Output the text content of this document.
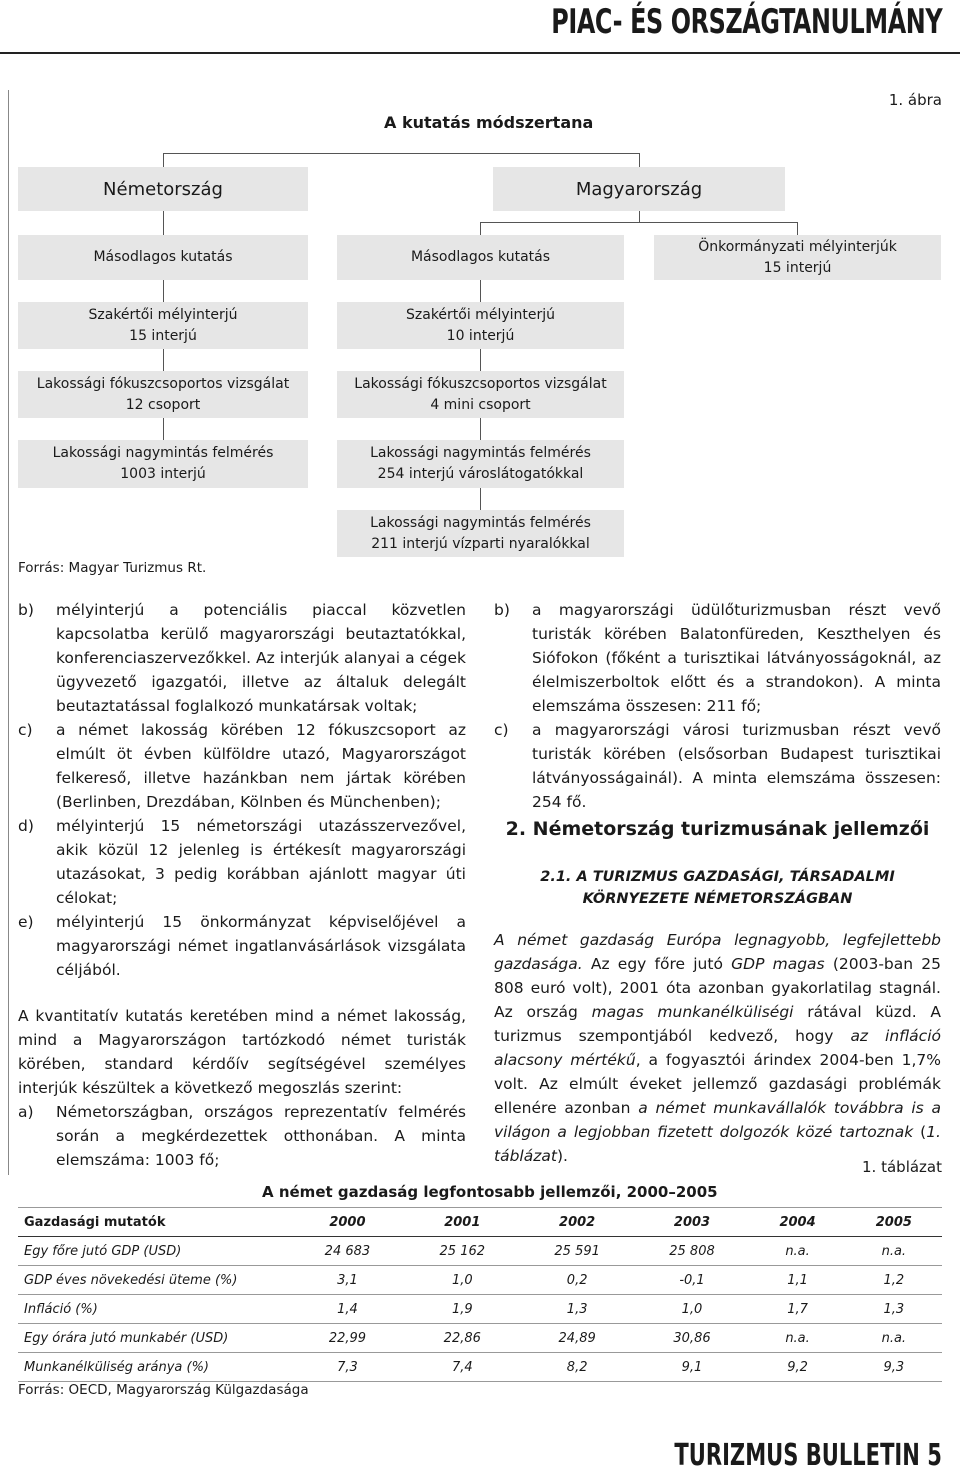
PIAC- ÉS ORSZÁGTANULMÁNY
1. ábra
A kutatás módszertana
Németország
Másodlagos kutatás
Szakértői mélyinterjú
15 interjú
Lakossági fókuszcsoportos vizsgálat
12 csoport
Lakossági nagymintás felmérés
1003 interjú
Magyarország
Másodlagos kutatás
Önkormányzati mélyinterjúk
15 interjú
Szakértői mélyinterjú
10 interjú
Lakossági fókuszcsoportos vizsgálat
4 mini csoport
Lakossági nagymintás felmérés
254 interjú városlátogatókkal
Lakossági nagymintás felmérés
211 interjú vízparti nyaralókkal
Forrás: Magyar Turizmus Rt.
b) mélyinterjú a potenciális piaccal közvetlen kapcsolatba kerülő magyarországi beutaztatókkal, konferenciaszervezőkkel. Az interjúk alanyai a cégek ügyvezető igazgatói, illetve az általuk delegált beutaztatással foglalkozó munkatársak voltak;
c) a német lakosság körében 12 fókuszcsoport az elmúlt öt évben külföldre utazó, Magyarországot felkereső, illetve hazánkban nem jártak körében (Berlinben, Drezdában, Kölnben és Münchenben);
d) mélyinterjú 15 németországi utazásszervezővel, akik közül 12 jelenleg is értékesít magyarországi utazásokat, 3 pedig korábban ajánlott magyar úti célokat;
e) mélyinterjú 15 önkormányzat képviselőjével a magyarországi német ingatlanvásárlások vizsgálata céljából.
A kvantitatív kutatás keretében mind a német lakosság, mind a Magyarországon tartózkodó német turisták körében, standard kérdőív segítségével személyes interjúk készültek a következő megoszlás szerint:
a) Németországban, országos reprezentatív felmérés során a megkérdezettek otthonában. A minta elemszáma: 1003 fő;
b) a magyarországi üdülőturizmusban részt vevő turisták körében Balatonfüreden, Keszthelyen és Siófokon (főként a turisztikai látványosságoknál, az élelmiszerboltok előtt és a strandokon). A minta elemszáma összesen: 211 fő;
c) a magyarországi városi turizmusban részt vevő turisták körében (elsősorban Budapest turisztikai látványosságainál). A minta elemszáma összesen: 254 fő.
2. Németország turizmusának jellemzői
2.1. A TURIZMUS GAZDASÁGI, TÁRSADALMI
KÖRNYEZETE NÉMETORSZÁGBAN
A német gazdaság Európa legnagyobb, legfejlettebb gazdasága. Az egy főre jutó GDP magas (2003-ban 25 808 euró volt), 2001 óta azonban gyakorlatilag stagnál. Az ország magas munkanélküliségi rátával küzd. A turizmus szempontjából kedvező, hogy az infláció alacsony mértékű, a fogyasztói árindex 2004-ben 1,7% volt. Az elmúlt éveket jellemző gazdasági problémák ellenére azonban a német munkavállalók továbbra is a világon a legjobban fizetett dolgozók közé tartoznak (1. táblázat).
1. táblázat
A német gazdaság legfontosabb jellemzői, 2000–2005
Gazdasági mutatók	2000	2001	2002	2003	2004	2005
Egy főre jutó GDP (USD)	24 683	25 162	25 591	25 808	n.a.	n.a.
GDP éves növekedési üteme (%)	3,1	1,0	0,2	-0,1	1,1	1,2
Infláció (%)	1,4	1,9	1,3	1,0	1,7	1,3
Egy órára jutó munkabér (USD)	22,99	22,86	24,89	30,86	n.a.	n.a.
Munkanélküliség aránya (%)	7,3	7,4	8,2	9,1	9,2	9,3
Forrás: OECD, Magyarország Külgazdasága
TURIZMUS BULLETIN 5
